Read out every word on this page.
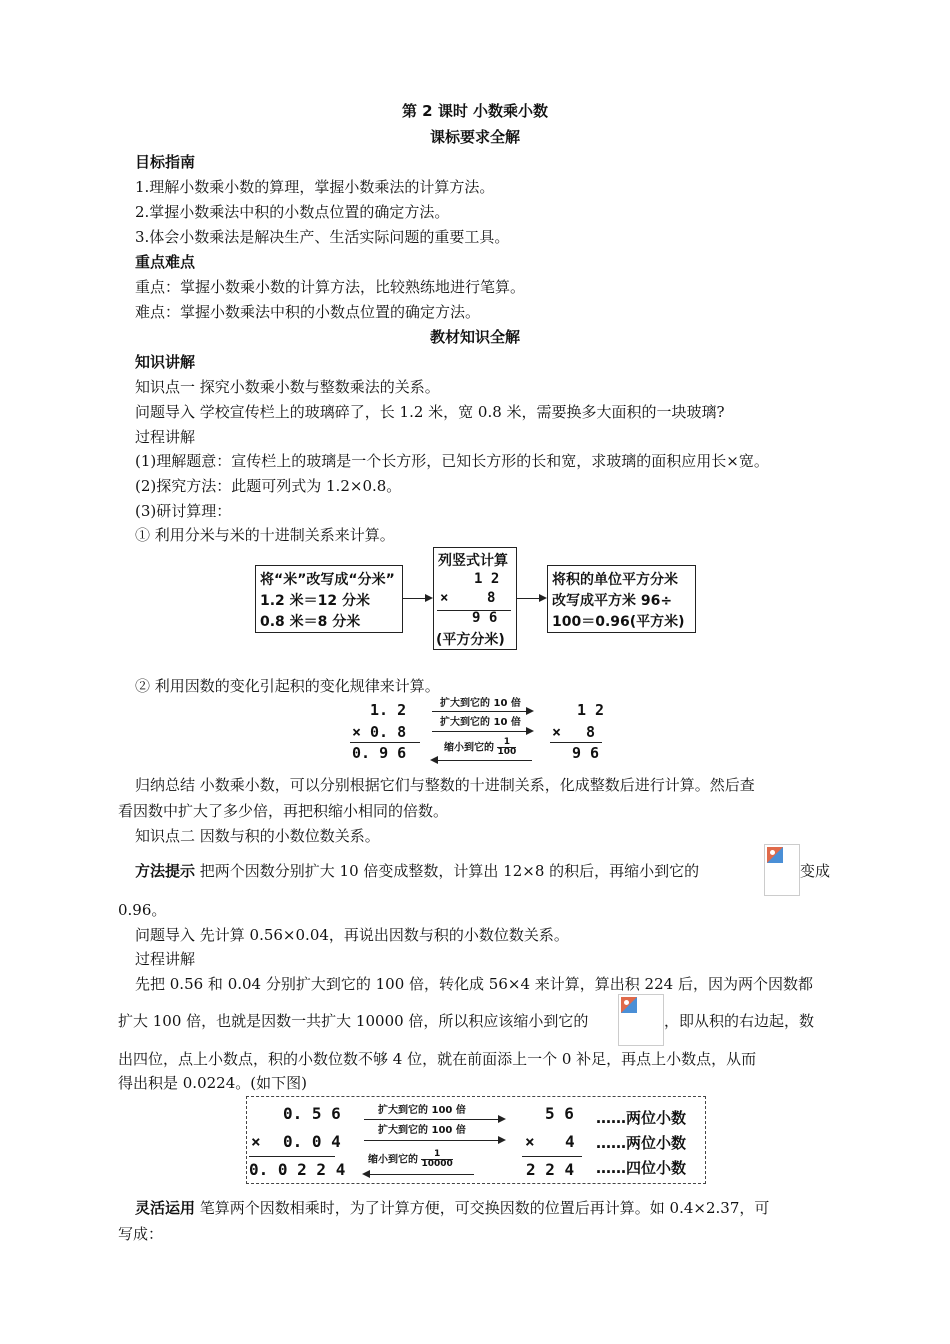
第 2 课时 小数乘小数
课标要求全解
目标指南
1.理解小数乘小数的算理，掌握小数乘法的计算方法。
2.掌握小数乘法中积的小数点位置的确定方法。
3.体会小数乘法是解决生产、生活实际问题的重要工具。
重点难点
重点：掌握小数乘小数的计算方法，比较熟练地进行笔算。
难点：掌握小数乘法中积的小数点位置的确定方法。
教材知识全解
知识讲解
知识点一 探究小数乘小数与整数乘法的关系。
问题导入 学校宣传栏上的玻璃碎了，长 1.2 米，宽 0.8 米，需要换多大面积的一块玻璃?
过程讲解
(1)理解题意：宣传栏上的玻璃是一个长方形，已知长方形的长和宽，求玻璃的面积应用长×宽。
(2)探究方法：此题可列式为 1.2×0.8。
(3)研讨算理：
① 利用分米与米的十进制关系来计算。
将“米”改写成“分米”
1.2 米＝12 分米
0.8 米＝8 分米
列竖式计算
1 2
×	8
9 6
(平方分米)
将积的单位平方分米
改写成平方米 96÷
100＝0.96(平方米)
② 利用因数的变化引起积的变化规律来计算。
1. 2
× 0. 8
0. 9 6
扩大到它的 10 倍
扩大到它的 10 倍
缩小到它的 $\frac{1}{100}$
1 2
× 8
9 6
归纳总结 小数乘小数，可以分别根据它们与整数的十进制关系，化成整数后进行计算。然后查
看因数中扩大了多少倍，再把积缩小相同的倍数。
知识点二 因数与积的小数位数关系。
方法提示 把两个因数分别扩大 10 倍变成整数，计算出 12×8 的积后，再缩小到它的	变成
0.96。
问题导入 先计算 0.56×0.04，再说出因数与积的小数位数关系。
过程讲解
先把 0.56 和 0.04 分别扩大到它的 100 倍，转化成 56×4 来计算，算出积 224 后，因为两个因数都
扩大 100 倍，也就是因数一共扩大 10000 倍，所以积应该缩小到它的	，即从积的右边起，数
出四位，点上小数点，积的小数位数不够 4 位，就在前面添上一个 0 补足，再点上小数点，从而
得出积是 0.0224。(如下图)
0. 5 6
× 0. 0 4
0. 0 2 2 4
扩大到它的 100 倍
扩大到它的 100 倍
缩小到它的 $\frac{1}{10000}$
5 6
× 4
2 2 4
……两位小数
……两位小数
……四位小数
灵活运用 笔算两个因数相乘时，为了计算方便，可交换因数的位置后再计算。如 0.4×2.37，可
写成：
